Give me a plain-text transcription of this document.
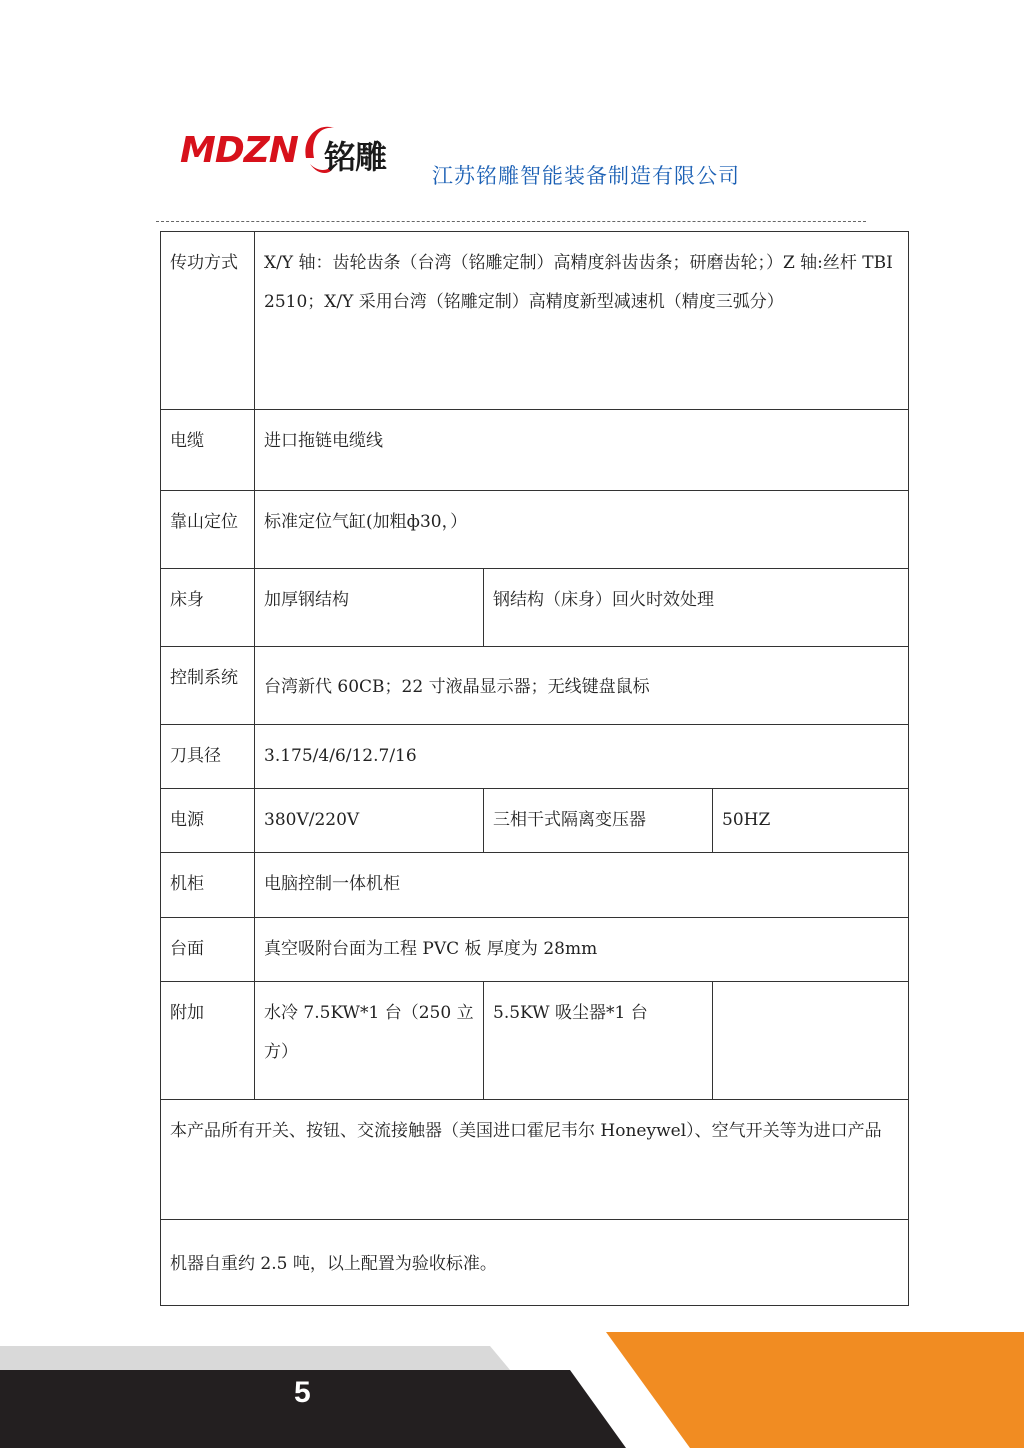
MDZN 铭雕 江苏铭雕智能装备制造有限公司
传功方式	X/Y 轴：齿轮齿条（台湾（铭雕定制）高精度斜齿齿条；研磨齿轮；）Z 轴:丝杆 TBI　2510；X/Y 采用台湾（铭雕定制）高精度新型减速机（精度三弧分）		
电缆	进口拖链电缆线		
靠山定位	标准定位气缸(加粗ф30，）		
床身	加厚钢结构	钢结构（床身）回火时效处理	
控制系统	台湾新代 60CB；22 寸液晶显示器；无线键盘鼠标		
刀具径	3.175/4/6/12.7/16		
电源	380V/220V	三相干式隔离变压器	50HZ
机柜	电脑控制一体机柜		
台面	真空吸附台面为工程 PVC 板 厚度为 28mm		
附加	水冷 7.5KW*1 台（250 立方）	5.5KW 吸尘器*1 台	
本产品所有开关、按钮、交流接触器（美国进口霍尼韦尔 Honeywel）、空气开关等为进口产品			
机器自重约 2.5 吨，以上配置为验收标准。			
5
